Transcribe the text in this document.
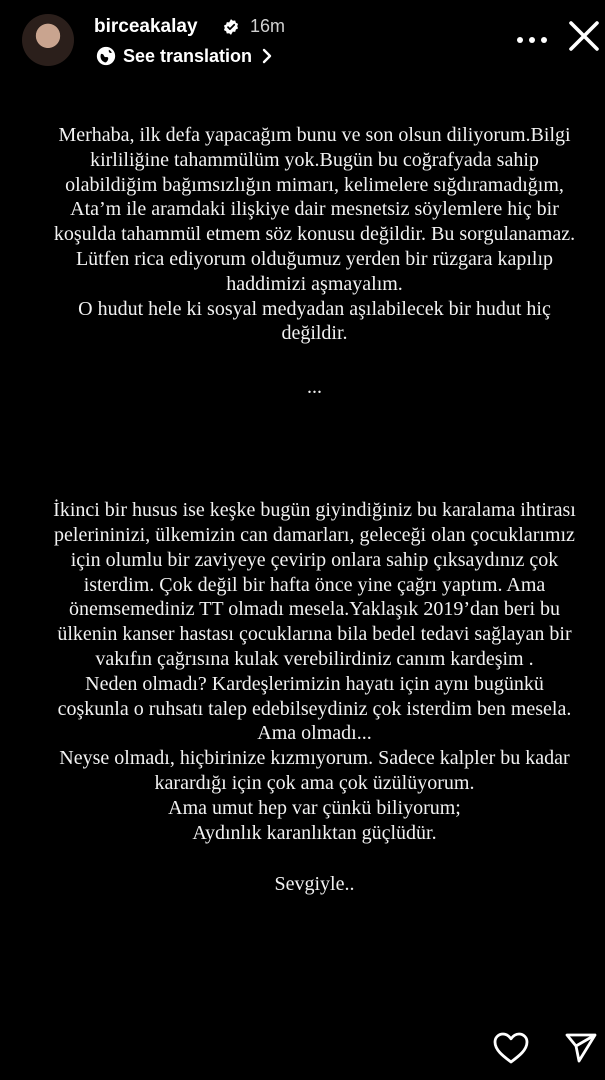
birceakalay	16m
See translation

Merhaba, ilk defa yapacağım bunu ve son olsun diliyorum.Bilgi kirliliğine tahammülüm yok.Bugün bu coğrafyada sahip olabildiğim bağımsızlığın mimarı, kelimelere sığdıramadığım, Ata’m ile aramdaki ilişkiye dair mesnetsiz söylemlere hiç bir koşulda tahammül etmem söz konusu değildir. Bu sorgulanamaz. Lütfen rica ediyorum olduğumuz yerden bir rüzgara kapılıp haddimizi aşmayalım.
O hudut hele ki sosyal medyadan aşılabilecek bir hudut hiç değildir.

...

İkinci bir husus ise keşke bugün giyindiğiniz bu karalama ihtirası pelerininizi, ülkemizin can damarları, geleceği olan çocuklarımız için olumlu bir zaviyeye çevirip onlara sahip çıksaydınız çok isterdim. Çok değil bir hafta önce yine çağrı yaptım. Ama önemsemediniz TT olmadı mesela.Yaklaşık 2019’dan beri bu ülkenin kanser hastası çocuklarına bila bedel tedavi sağlayan bir vakıfın çağrısına kulak verebilirdiniz canım kardeşim .
Neden olmadı? Kardeşlerimizin hayatı için aynı bugünkü coşkunla o ruhsatı talep edebilseydiniz çok isterdim ben mesela. Ama olmadı...
Neyse olmadı, hiçbirinize kızmıyorum. Sadece kalpler bu kadar karardığı için çok ama çok üzülüyorum.
Ama umut hep var çünkü biliyorum;
Aydınlık karanlıktan güçlüdür.

Sevgiyle..
